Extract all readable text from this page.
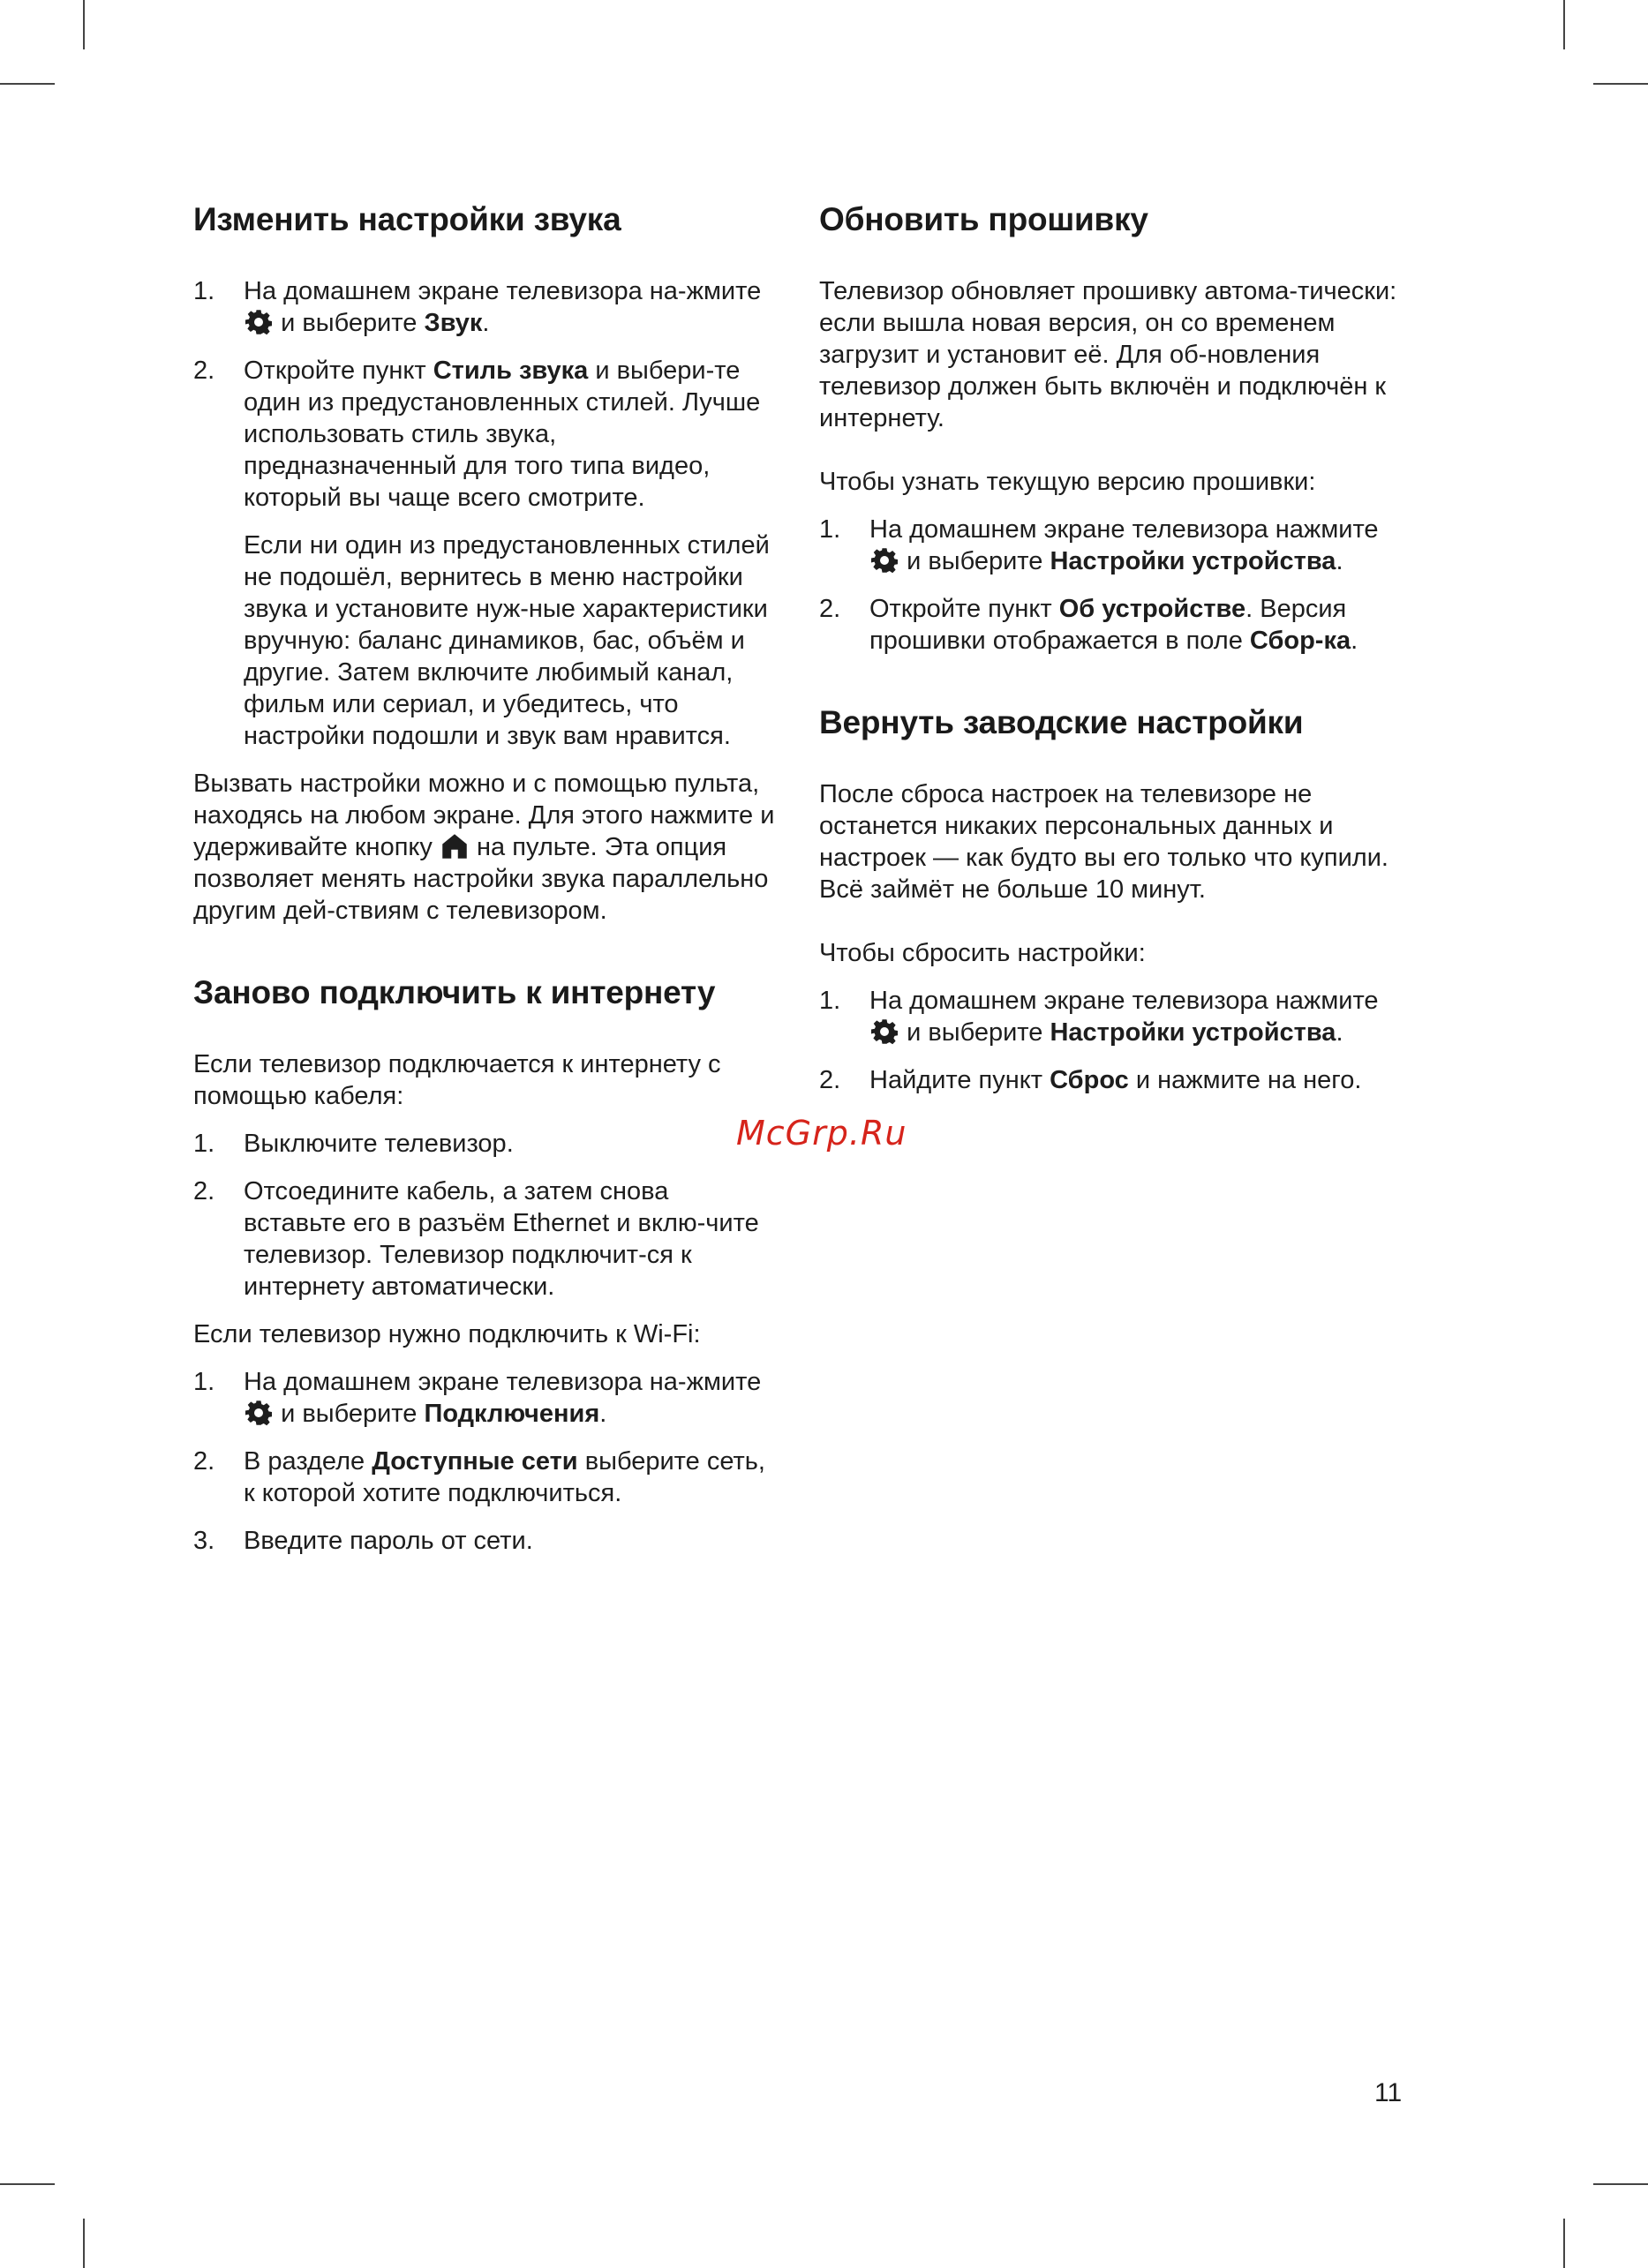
Изменить настройки звука
1.	На домашнем экране телевизора на-жмите  и выберите Звук.
2.	Откройте пункт Стиль звука и выбери-те один из предустановленных стилей. Лучше использовать стиль звука, предназначенный для того типа видео, который вы чаще всего смотрите.

Если ни один из предустановленных стилей не подошёл, вернитесь в меню настройки звука и установите нуж-ные характеристики вручную: баланс динамиков, бас, объём и другие. Затем включите любимый канал, фильм или сериал, и убедитесь, что настройки подошли и звук вам нравится.

Вызвать настройки можно и с помощью пульта, находясь на любом экране. Для этого нажмите и удерживайте кнопку на пульте. Эта опция позволяет менять настройки звука параллельно другим дей-ствиям с телевизором.

Заново подключить к интернету

Если телевизор подключается к интернету с помощью кабеля:

1.	Выключите телевизор.
2.	Отсоедините кабель, а затем снова вставьте его в разъём Ethernet и вклю-чите телевизор. Телевизор подключит-ся к интернету автоматически.

Если телевизор нужно подключить к Wi-Fi:

1.	На домашнем экране телевизора на-жмите  и выберите Подключения.
2.	В разделе Доступные сети выберите сеть, к которой хотите подключиться.
3.	Введите пароль от сети.
Обновить прошивку

Телевизор обновляет прошивку автома-тически: если вышла новая версия, он со временем загрузит и установит её. Для об-новления телевизор должен быть включён и подключён к интернету.

Чтобы узнать текущую версию прошивки:

1.	На домашнем экране телевизора нажмите  и выберите Настройки устройства.
2.	Откройте пункт Об устройстве. Версия прошивки отображается в поле Сбор-ка.
Вернуть заводские настройки

После сброса настроек на телевизоре не останется никаких персональных данных и настроек — как будто вы его только что купили. Всё займёт не больше 10 минут.

Чтобы сбросить настройки:

1.	На домашнем экране телевизора нажмите  и выберите Настройки устройства.
2.	Найдите пункт Сброс и нажмите на него.
McGrp.Ru
11
